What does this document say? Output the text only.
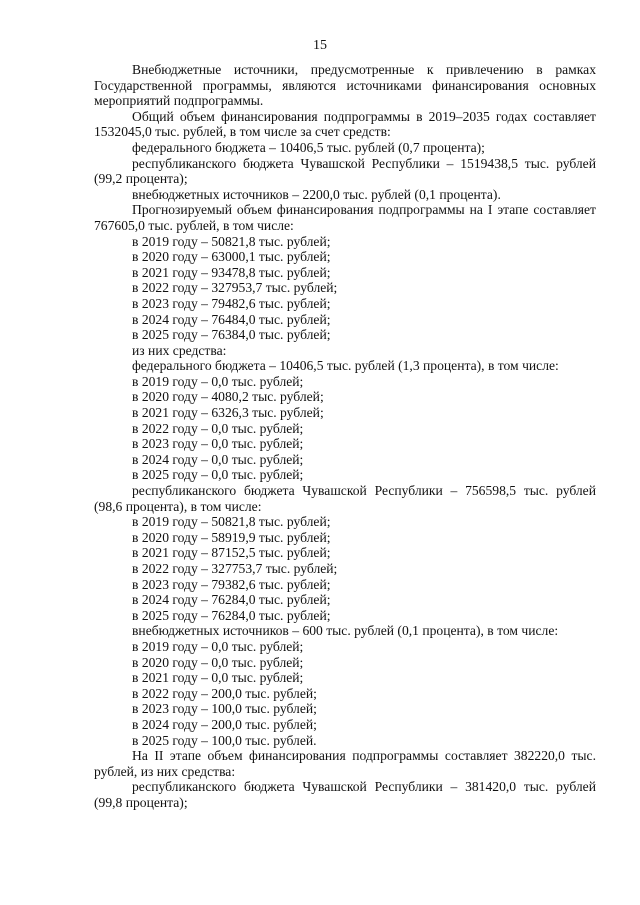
15

Внебюджетные источники, предусмотренные к привлечению в рамках Государственной программы, являются источниками финансирования основных мероприятий подпрограммы.

Общий объем финансирования подпрограммы в 2019–2035 годах составляет 1532045,0 тыс. рублей, в том числе за счет средств:

федерального бюджета – 10406,5 тыс. рублей (0,7 процента);

республиканского бюджета Чувашской Республики – 1519438,5 тыс. рублей (99,2 процента);

внебюджетных источников – 2200,0 тыс. рублей (0,1 процента).

Прогнозируемый объем финансирования подпрограммы на I этапе составляет 767605,0 тыс. рублей, в том числе:

в 2019 году – 50821,8 тыс. рублей;

в 2020 году – 63000,1 тыс. рублей;

в 2021 году – 93478,8 тыс. рублей;

в 2022 году – 327953,7 тыс. рублей;

в 2023 году – 79482,6 тыс. рублей;

в 2024 году – 76484,0 тыс. рублей;

в 2025 году – 76384,0 тыс. рублей;

из них средства:

федерального бюджета – 10406,5 тыс. рублей (1,3 процента), в том числе:

в 2019 году – 0,0 тыс. рублей;

в 2020 году – 4080,2 тыс. рублей;

в 2021 году – 6326,3 тыс. рублей;

в 2022 году – 0,0 тыс. рублей;

в 2023 году – 0,0 тыс. рублей;

в 2024 году – 0,0 тыс. рублей;

в 2025 году – 0,0 тыс. рублей;

республиканского бюджета Чувашской Республики – 756598,5 тыс. рублей (98,6 процента), в том числе:

в 2019 году – 50821,8 тыс. рублей;

в 2020 году – 58919,9 тыс. рублей;

в 2021 году – 87152,5 тыс. рублей;

в 2022 году – 327753,7 тыс. рублей;

в 2023 году – 79382,6 тыс. рублей;

в 2024 году – 76284,0 тыс. рублей;

в 2025 году – 76284,0 тыс. рублей;

внебюджетных источников – 600 тыс. рублей (0,1 процента), в том числе:

в 2019 году – 0,0 тыс. рублей;

в 2020 году – 0,0 тыс. рублей;

в 2021 году – 0,0 тыс. рублей;

в 2022 году – 200,0 тыс. рублей;

в 2023 году – 100,0 тыс. рублей;

в 2024 году – 200,0 тыс. рублей;

в 2025 году – 100,0 тыс. рублей.

На II этапе объем финансирования подпрограммы составляет 382220,0 тыс. рублей, из них средства:

республиканского бюджета Чувашской Республики – 381420,0 тыс. рублей (99,8 процента);
